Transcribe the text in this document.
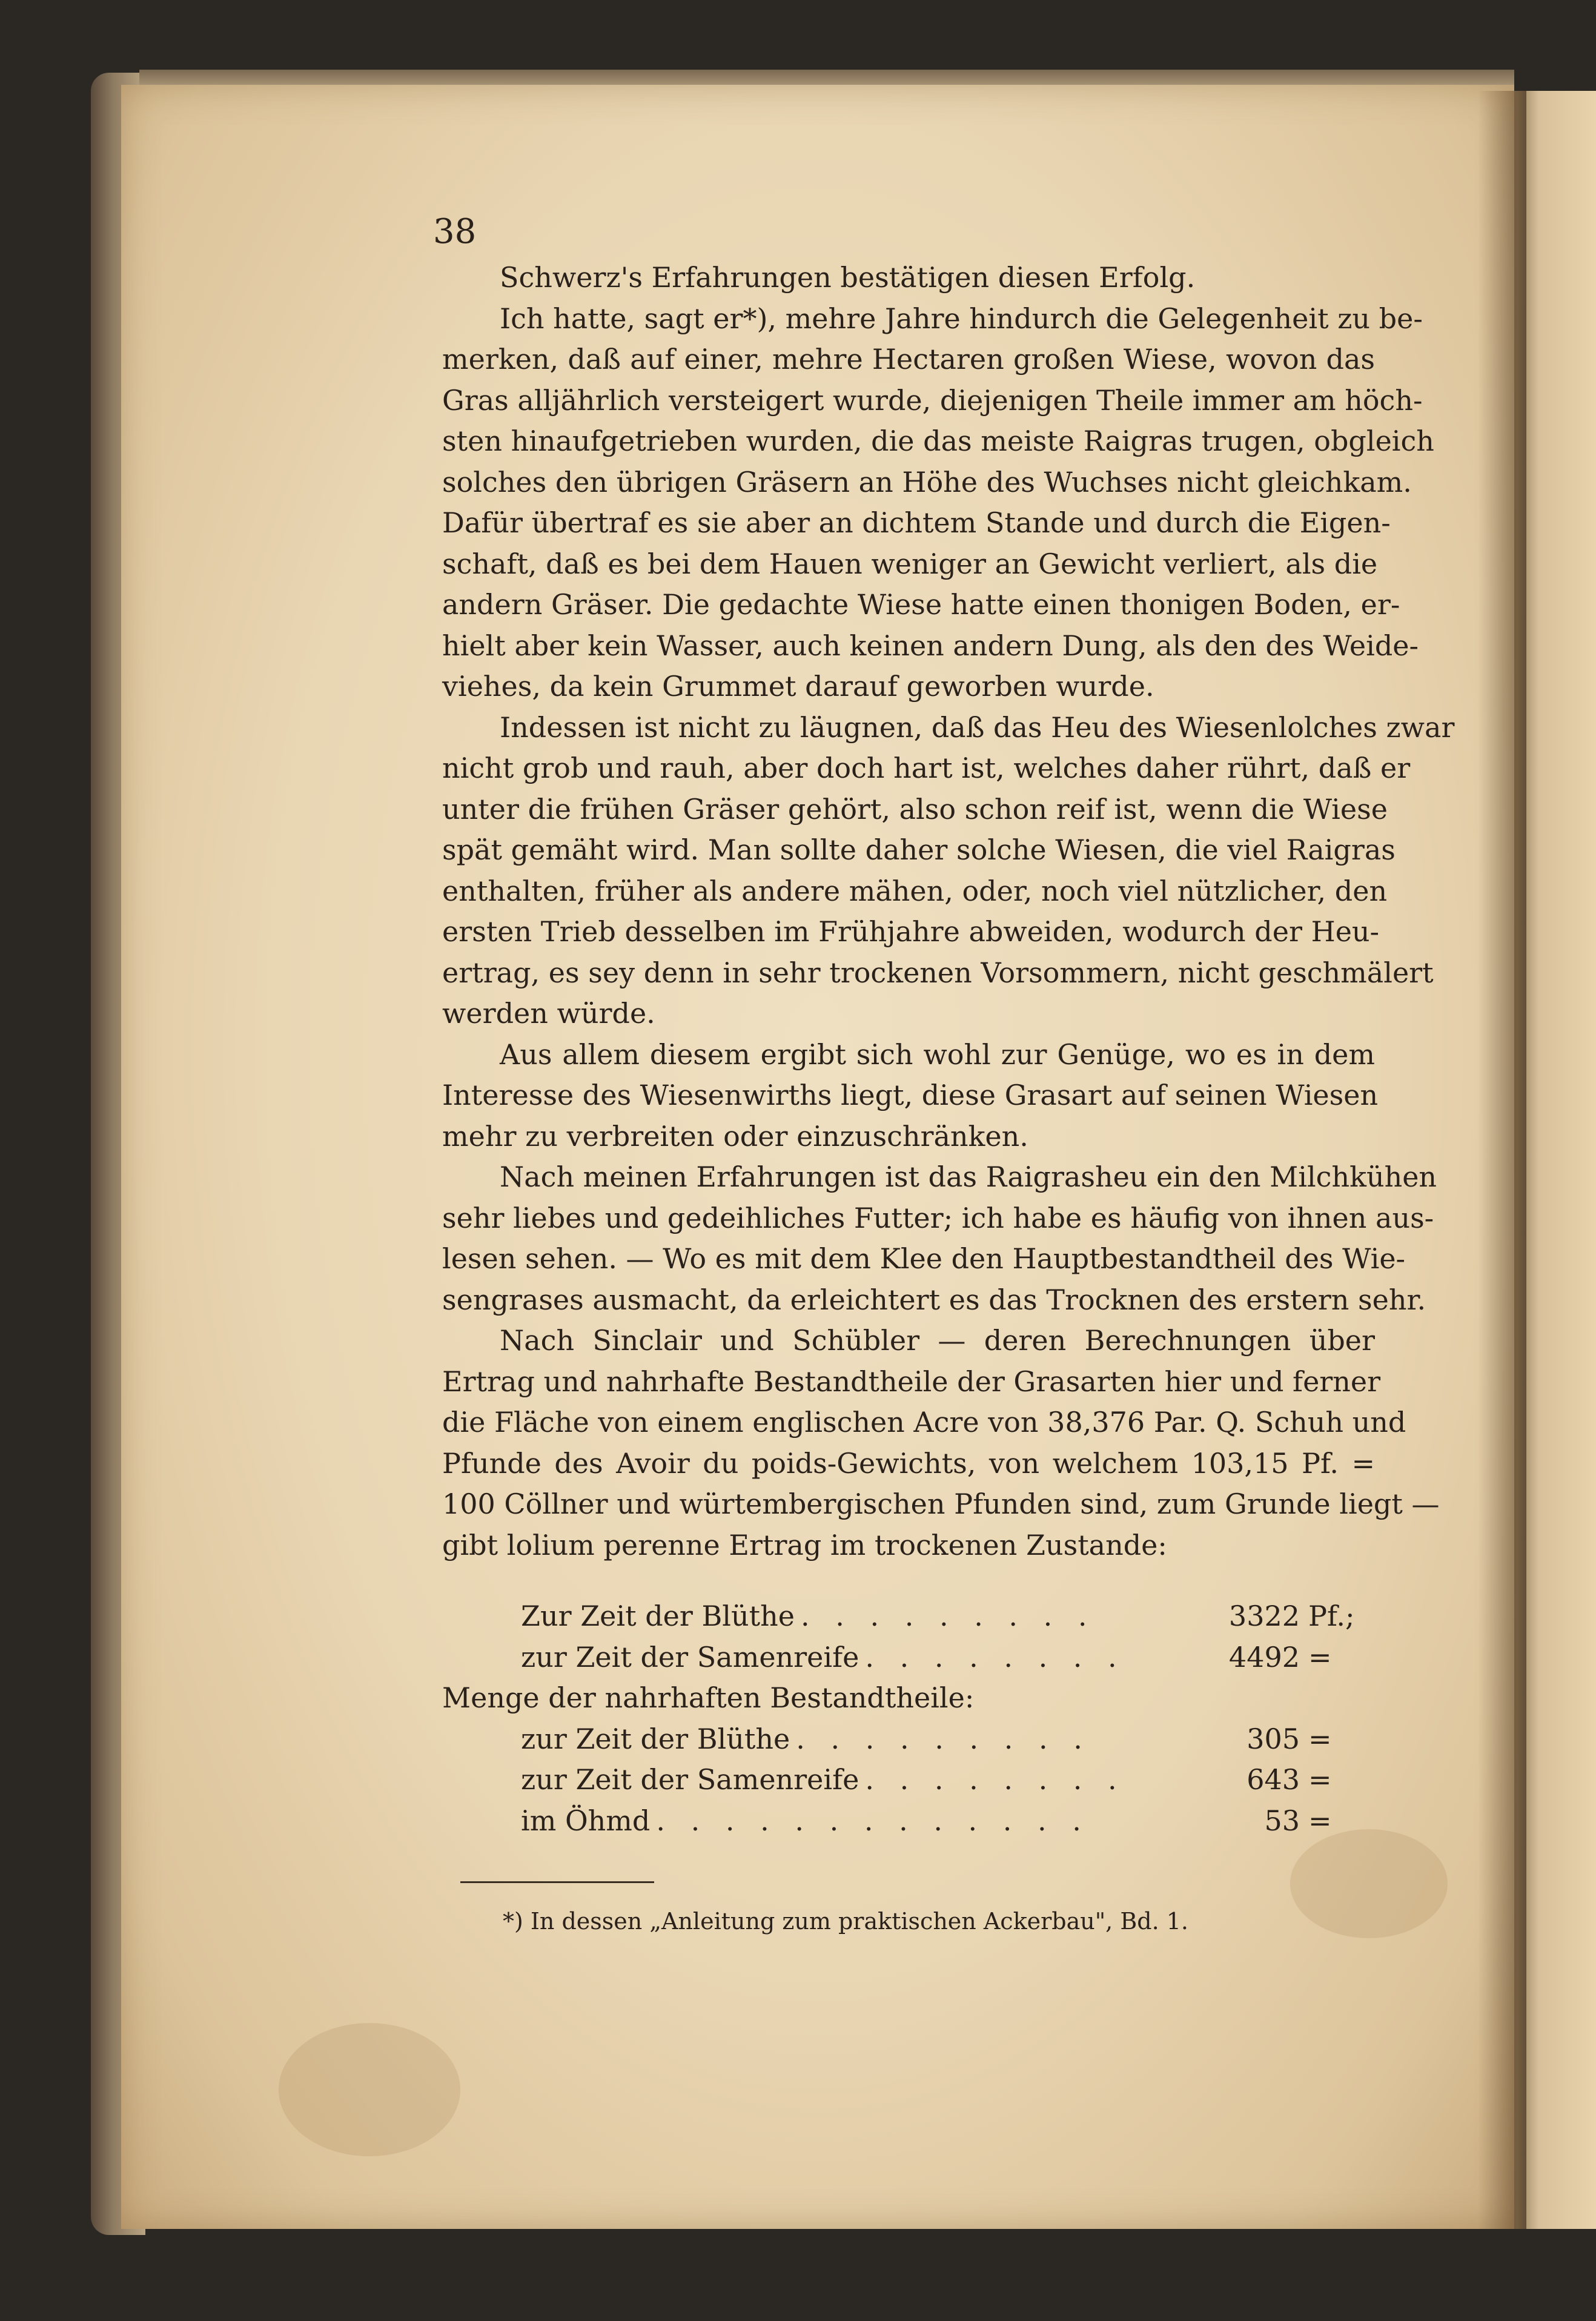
38
Schwerz's Erfahrungen bestätigen diesen Erfolg.
Ich hatte, sagt er*), mehre Jahre hindurch die Gelegenheit zu be-
merken, daß auf einer, mehre Hectaren großen Wiese, wovon das
Gras alljährlich versteigert wurde, diejenigen Theile immer am höch-
sten hinaufgetrieben wurden, die das meiste Raigras trugen, obgleich
solches den übrigen Gräsern an Höhe des Wuchses nicht gleichkam.
Dafür übertraf es sie aber an dichtem Stande und durch die Eigen-
schaft, daß es bei dem Hauen weniger an Gewicht verliert, als die
andern Gräser. Die gedachte Wiese hatte einen thonigen Boden, er-
hielt aber kein Wasser, auch keinen andern Dung, als den des Weide-
viehes, da kein Grummet darauf geworben wurde.
Indessen ist nicht zu läugnen, daß das Heu des Wiesenlolches zwar
nicht grob und rauh, aber doch hart ist, welches daher rührt, daß er
unter die frühen Gräser gehört, also schon reif ist, wenn die Wiese
spät gemäht wird. Man sollte daher solche Wiesen, die viel Raigras
enthalten, früher als andere mähen, oder, noch viel nützlicher, den
ersten Trieb desselben im Frühjahre abweiden, wodurch der Heu-
ertrag, es sey denn in sehr trockenen Vorsommern, nicht geschmälert
werden würde.
Aus allem diesem ergibt sich wohl zur Genüge, wo es in dem
Interesse des Wiesenwirths liegt, diese Grasart auf seinen Wiesen
mehr zu verbreiten oder einzuschränken.
Nach meinen Erfahrungen ist das Raigrasheu ein den Milchkühen
sehr liebes und gedeihliches Futter; ich habe es häufig von ihnen aus-
lesen sehen. — Wo es mit dem Klee den Hauptbestandtheil des Wie-
sengrases ausmacht, da erleichtert es das Trocknen des erstern sehr.
Nach Sinclair und Schübler — deren Berechnungen über
Ertrag und nahrhafte Bestandtheile der Grasarten hier und ferner
die Fläche von einem englischen Acre von 38,376 Par. Q. Schuh und
Pfunde des Avoir du poids-Gewichts, von welchem 103,15 Pf. =
100 Cöllner und würtembergischen Pfunden sind, zum Grunde liegt —
gibt lolium perenne Ertrag im trockenen Zustande:
Zur Zeit der Blüthe . . . . . . . . .	3322 Pf.;
zur Zeit der Samenreife . . . . . . . .	4492 =
Menge der nahrhaften Bestandtheile:
zur Zeit der Blüthe . . . . . . . . .	305 =
zur Zeit der Samenreife . . . . . . . .	643 =
im Öhmd . . . . . . . . . . . . .	53 =
*) In dessen „Anleitung zum praktischen Ackerbau", Bd. 1.
